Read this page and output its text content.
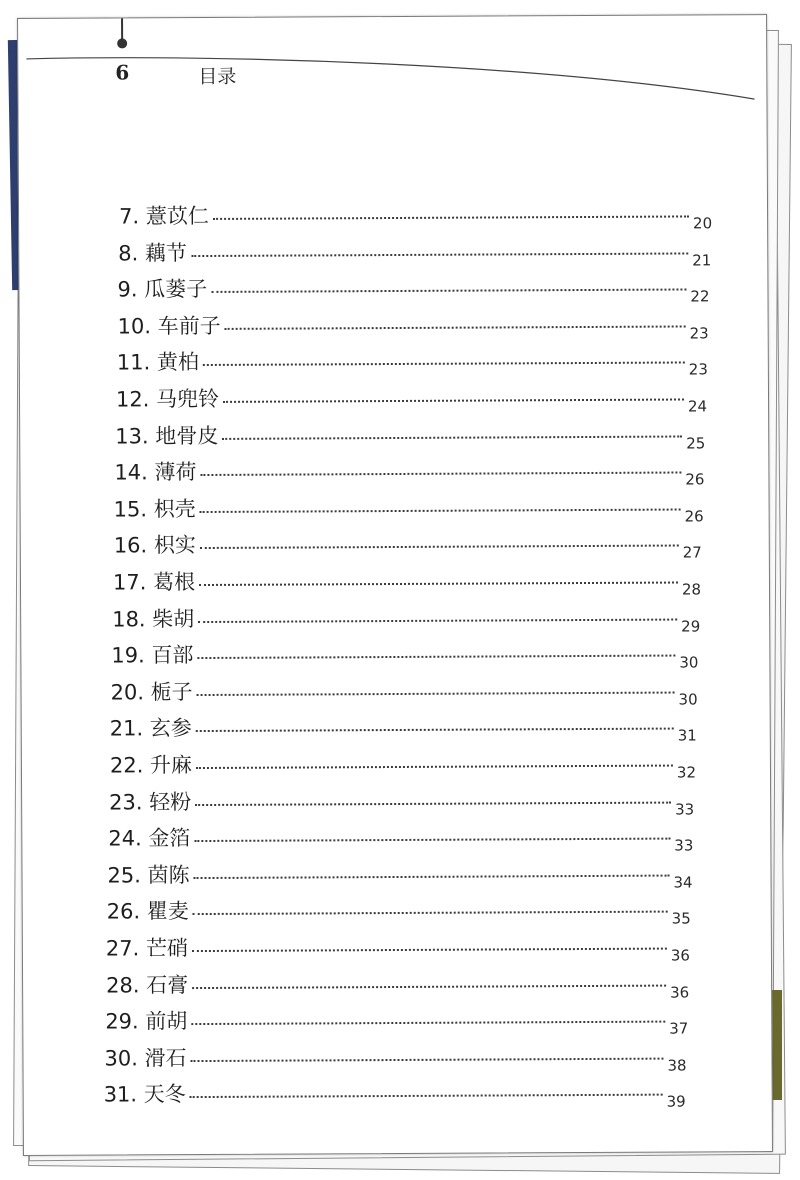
6	目录
7. 薏苡仁	20
8. 藕节	21
9. 瓜蒌子	22
10. 车前子	23
11. 黄柏	23
12. 马兜铃	24
13. 地骨皮	25
14. 薄荷	26
15. 枳壳	26
16. 枳实	27
17. 葛根	28
18. 柴胡	29
19. 百部	30
20. 栀子	30
21. 玄参	31
22. 升麻	32
23. 轻粉	33
24. 金箔	33
25. 茵陈	34
26. 瞿麦	35
27. 芒硝	36
28. 石膏	36
29. 前胡	37
30. 滑石	38
31. 天冬	39
